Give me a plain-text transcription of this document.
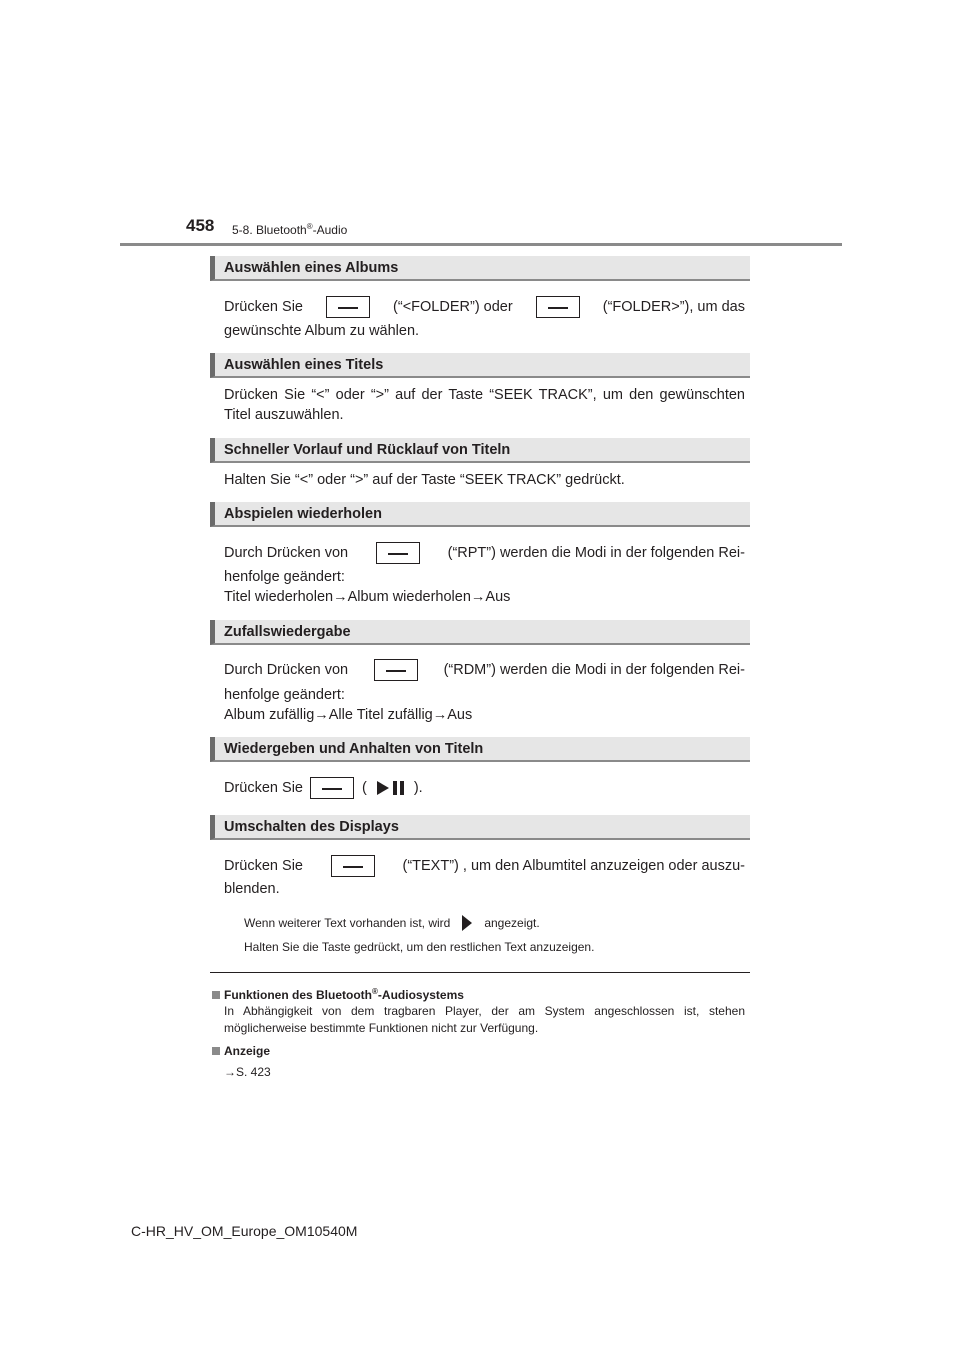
458 5-8. Bluetooth®-Audio
Auswählen eines Albums
Drücken Sie	(“<FOLDER”) oder	(“FOLDER>”), um das
gewünschte Album zu wählen.
Auswählen eines Titels
Drücken Sie “<” oder “>” auf der Taste “SEEK TRACK”, um den gewünschten
Titel auszuwählen.
Schneller Vorlauf und Rücklauf von Titeln
Halten Sie “<” oder “>” auf der Taste “SEEK TRACK” gedrückt.
Abspielen wiederholen
Durch Drücken von	(“RPT”) werden die Modi in der folgenden Rei-
henfolge geändert:
Titel wiederholen→Album wiederholen→Aus
Zufallswiedergabe
Durch Drücken von	(“RDM”) werden die Modi in der folgenden Rei-
henfolge geändert:
Album zufällig→Alle Titel zufällig→Aus
Wiedergeben und Anhalten von Titeln
Drücken Sie	(	).
Umschalten des Displays
Drücken Sie	(“TEXT”) , um den Albumtitel anzuzeigen oder auszu-
blenden.
Wenn weiterer Text vorhanden ist, wird	angezeigt.
Halten Sie die Taste gedrückt, um den restlichen Text anzuzeigen.
Funktionen des Bluetooth®-Audiosystems
In Abhängigkeit von dem tragbaren Player, der am System angeschlossen ist, stehen
möglicherweise bestimmte Funktionen nicht zur Verfügung.
Anzeige
→S. 423
C-HR_HV_OM_Europe_OM10540M
